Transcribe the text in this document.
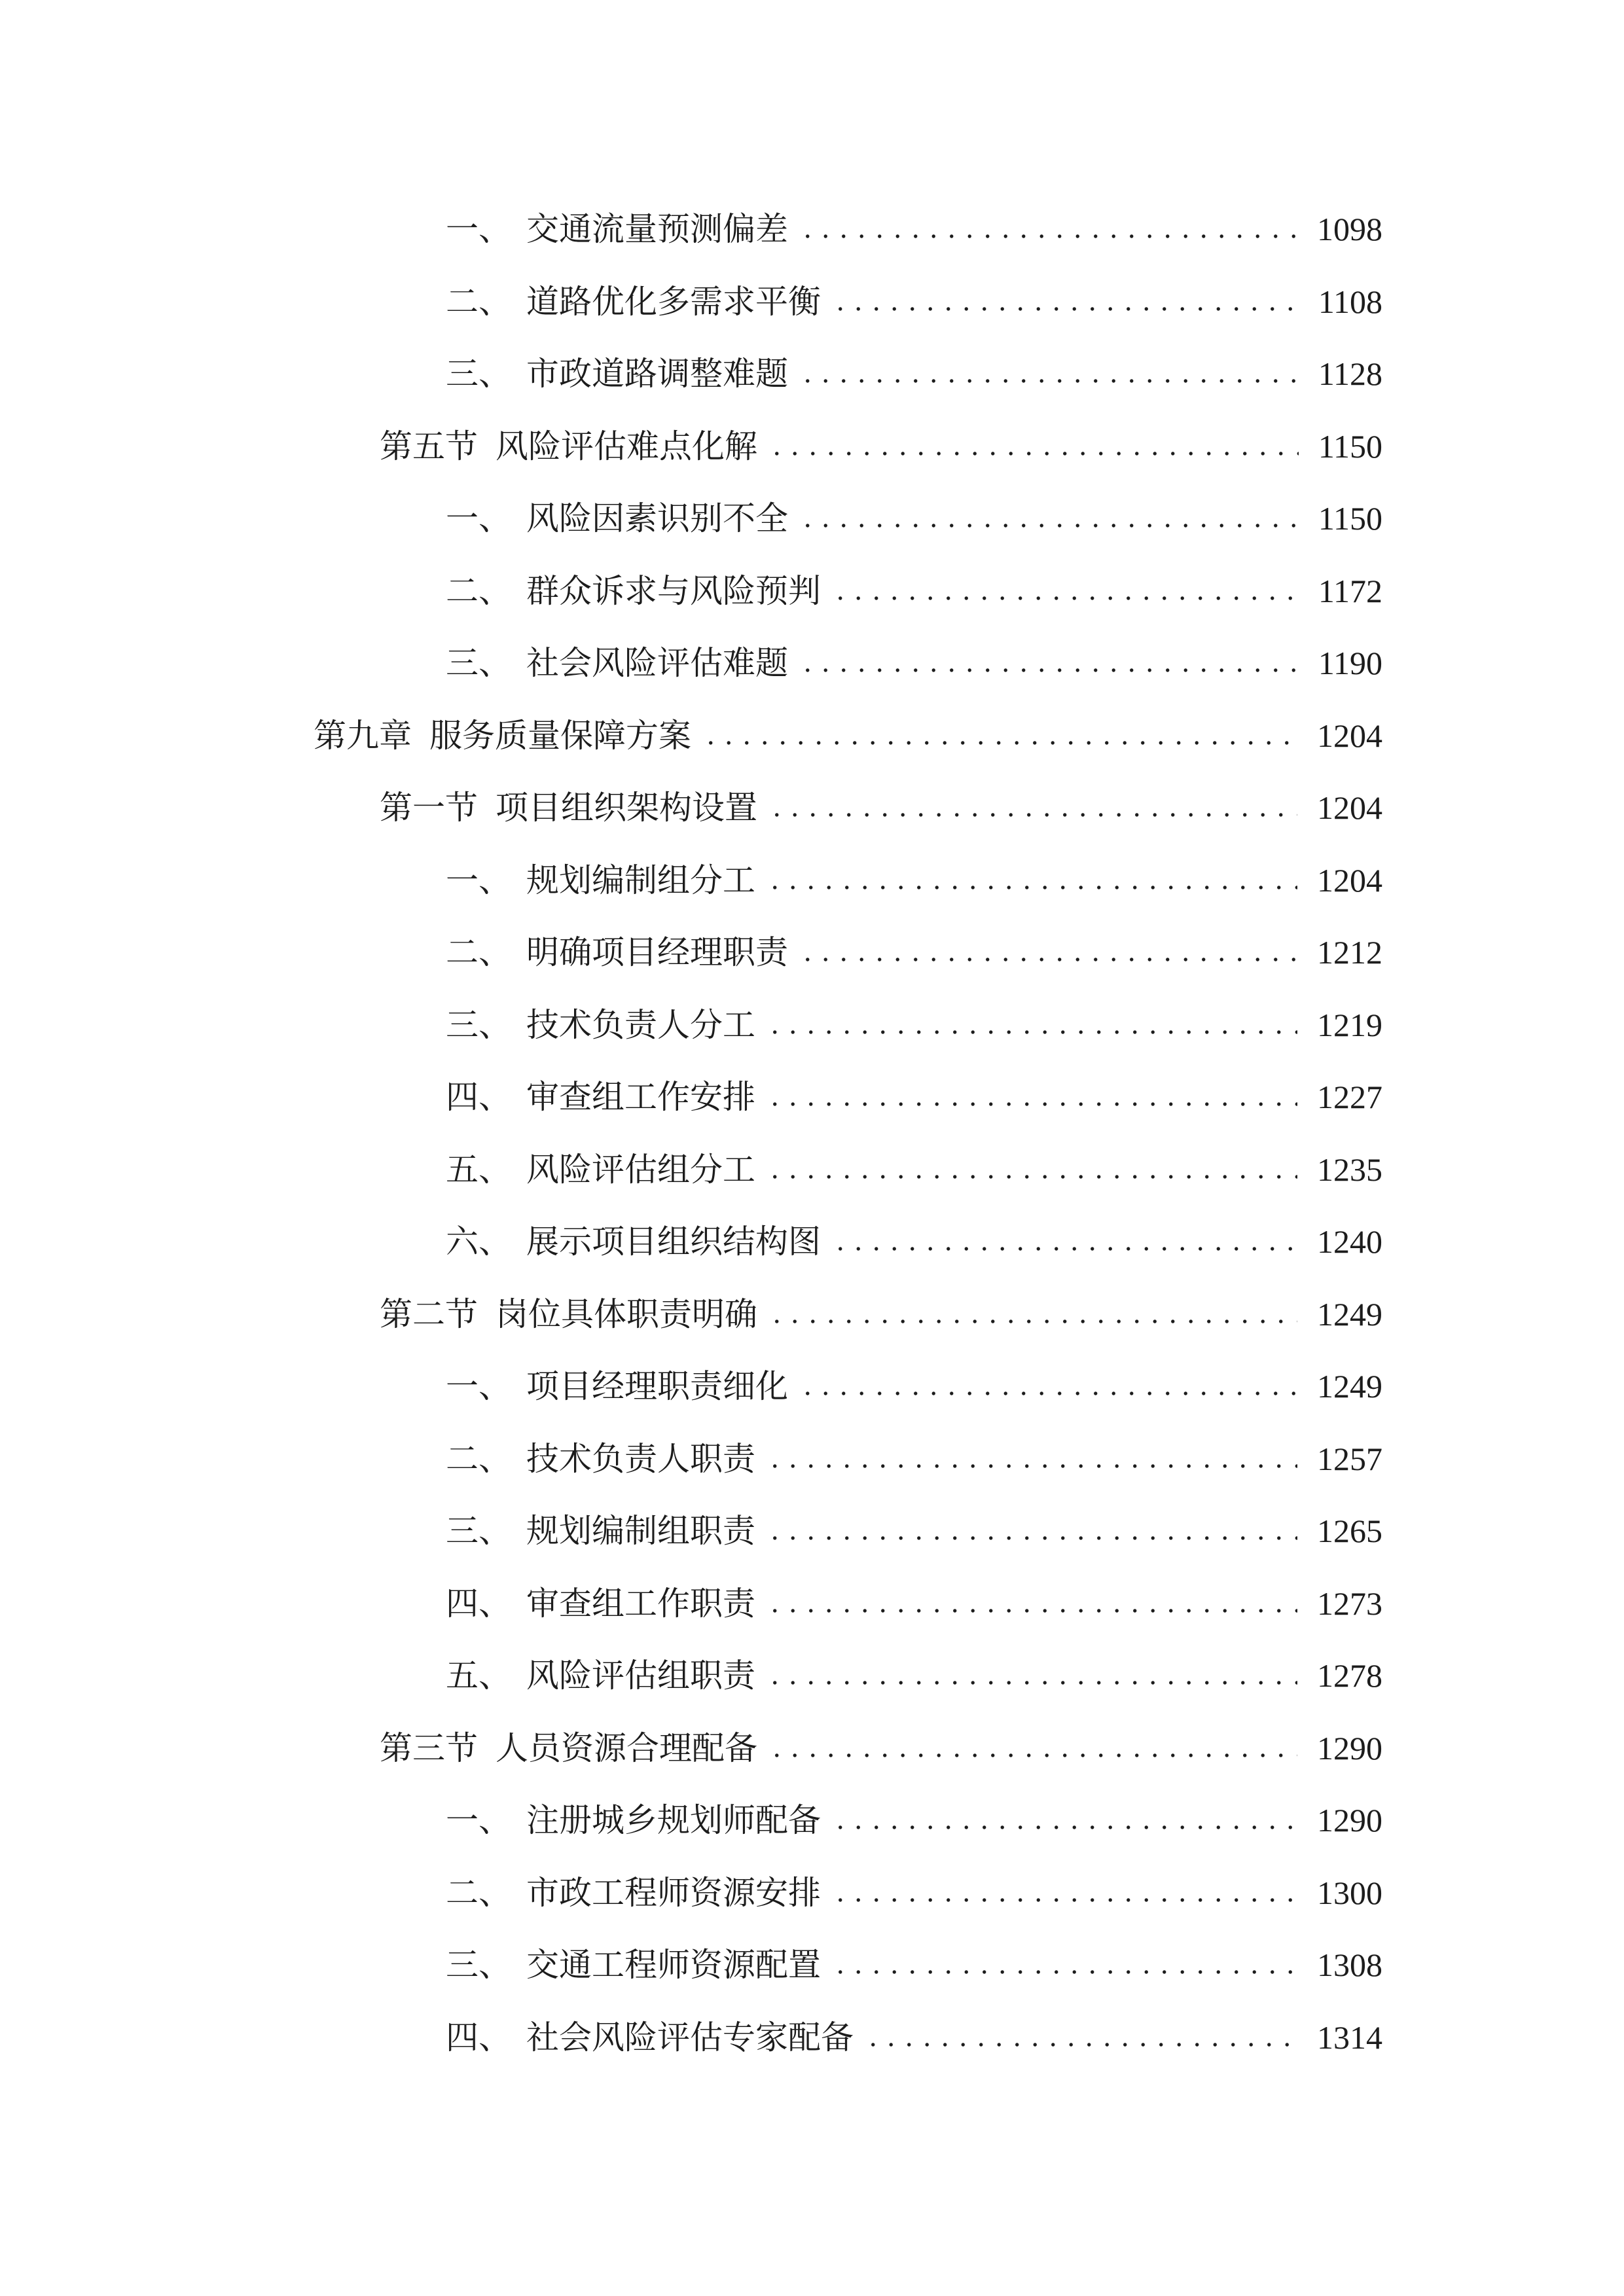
一、 交通流量预测偏差	1098
二、 道路优化多需求平衡	1108
三、 市政道路调整难题	1128
第五节 风险评估难点化解	1150
一、 风险因素识别不全	1150
二、 群众诉求与风险预判	1172
三、 社会风险评估难题	1190
第九章 服务质量保障方案	1204
第一节 项目组织架构设置	1204
一、 规划编制组分工	1204
二、 明确项目经理职责	1212
三、 技术负责人分工	1219
四、 审查组工作安排	1227
五、 风险评估组分工	1235
六、 展示项目组织结构图	1240
第二节 岗位具体职责明确	1249
一、 项目经理职责细化	1249
二、 技术负责人职责	1257
三、 规划编制组职责	1265
四、 审查组工作职责	1273
五、 风险评估组职责	1278
第三节 人员资源合理配备	1290
一、 注册城乡规划师配备	1290
二、 市政工程师资源安排	1300
三、 交通工程师资源配置	1308
四、 社会风险评估专家配备	1314
